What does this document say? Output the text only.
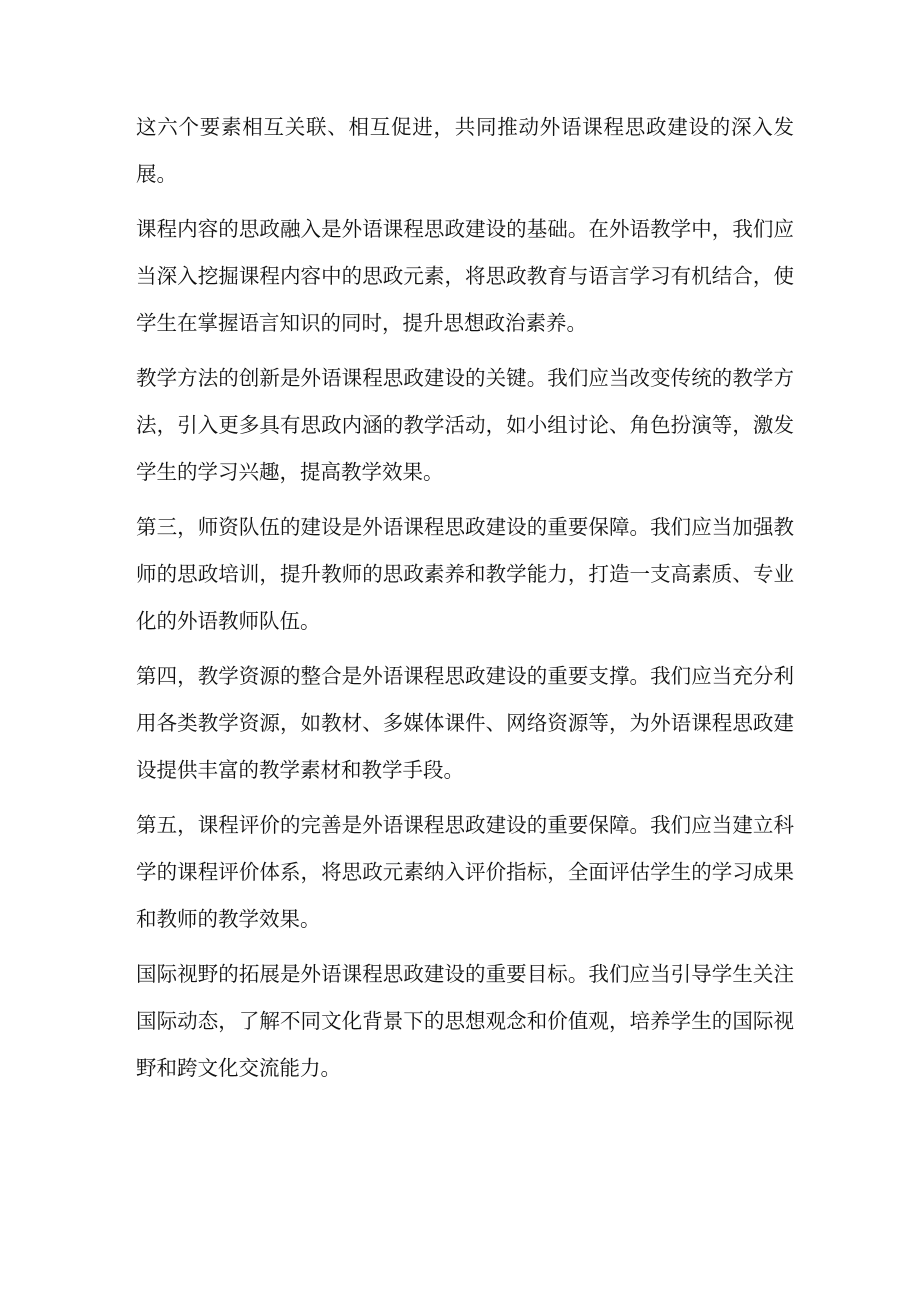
这六个要素相互关联、相互促进，共同推动外语课程思政建设的深入发展。

课程内容的思政融入是外语课程思政建设的基础。在外语教学中，我们应当深入挖掘课程内容中的思政元素，将思政教育与语言学习有机结合，使学生在掌握语言知识的同时，提升思想政治素养。

教学方法的创新是外语课程思政建设的关键。我们应当改变传统的教学方法，引入更多具有思政内涵的教学活动，如小组讨论、角色扮演等，激发学生的学习兴趣，提高教学效果。

第三，师资队伍的建设是外语课程思政建设的重要保障。我们应当加强教师的思政培训，提升教师的思政素养和教学能力，打造一支高素质、专业化的外语教师队伍。

第四，教学资源的整合是外语课程思政建设的重要支撑。我们应当充分利用各类教学资源，如教材、多媒体课件、网络资源等，为外语课程思政建设提供丰富的教学素材和教学手段。

第五，课程评价的完善是外语课程思政建设的重要保障。我们应当建立科学的课程评价体系，将思政元素纳入评价指标，全面评估学生的学习成果和教师的教学效果。

国际视野的拓展是外语课程思政建设的重要目标。我们应当引导学生关注国际动态，了解不同文化背景下的思想观念和价值观，培养学生的国际视野和跨文化交流能力。
